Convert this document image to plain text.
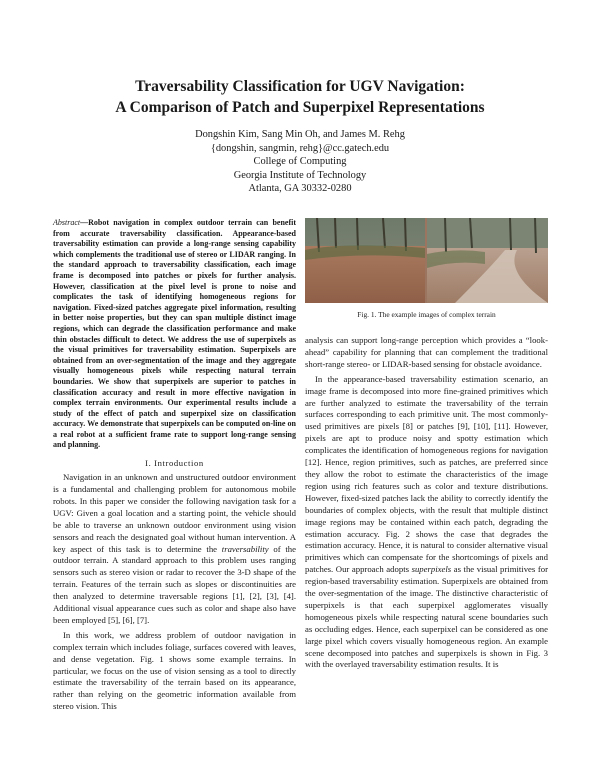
Traversability Classification for UGV Navigation:
A Comparison of Patch and Superpixel Representations
Dongshin Kim, Sang Min Oh, and James M. Rehg
{dongshin, sangmin, rehg}@cc.gatech.edu
College of Computing
Georgia Institute of Technology
Atlanta, GA 30332-0280
Abstract—Robot navigation in complex outdoor terrain can benefit from accurate traversability classification. Appearance-based traversability estimation can provide a long-range sensing capability which complements the traditional use of stereo or LIDAR ranging. In the standard approach to traversability classification, each image frame is decomposed into patches or pixels for further analysis. However, classification at the pixel level is prone to noise and complicates the task of identifying homogeneous regions for navigation. Fixed-sized patches aggregate pixel information, resulting in better noise properties, but they can span multiple distinct image regions, which can degrade the classification performance and make thin obstacles difficult to detect. We address the use of superpixels as the visual primitives for traversability estimation. Superpixels are obtained from an over-segmentation of the image and they aggregate visually homogeneous pixels while respecting natural terrain boundaries. We show that superpixels are superior to patches in classification accuracy and result in more effective navigation in complex terrain environments. Our experimental results include a study of the effect of patch and superpixel size on classification accuracy. We demonstrate that superpixels can be computed on-line on a real robot at a sufficient frame rate to support long-range sensing and planning.
I. Introduction

Navigation in an unknown and unstructured outdoor environment is a fundamental and challenging problem for autonomous mobile robots. In this paper we consider the following navigation task for a UGV: Given a goal location and a starting point, the vehicle should be able to traverse an unknown outdoor environment using vision sensors and reach the designated goal without human intervention. A key aspect of this task is to determine the traversability of the outdoor terrain. A standard approach to this problem uses ranging sensors such as stereo vision or radar to recover the 3-D shape of the terrain. Features of the terrain such as slopes or discontinuities are then analyzed to determine traversable regions [1], [2], [3], [4]. Additional visual appearance cues such as color and shape also have been employed [5], [6], [7].

In this work, we address problem of outdoor navigation in complex terrain which includes foliage, surfaces covered with leaves, and dense vegetation. Fig. 1 shows some example terrains. In particular, we focus on the use of vision sensing as a tool to directly estimate the traversability of the terrain based on its appearance, rather than relying on the geometric information available from stereo vision. This

Fig. 1. The example images of complex terrain

analysis can support long-range perception which provides a “look-ahead” capability for planning that can complement the traditional short-range stereo- or LIDAR-based sensing for obstacle avoidance.

In the appearance-based traversability estimation scenario, an image frame is decomposed into more fine-grained primitives which are further analyzed to estimate the traversability of the terrain surfaces corresponding to each primitive unit. The most commonly-used primitives are pixels [8] or patches [9], [10], [11]. However, pixels are apt to produce noisy and spotty estimation which complicates the identification of homogeneous regions for navigation [12]. Hence, region primitives, such as patches, are preferred since they allow the robot to estimate the characteristics of the image region using rich features such as color and texture distributions. However, fixed-sized patches lack the ability to correctly identify the boundaries of complex objects, with the result that multiple distinct image regions may be contained within each patch, degrading the estimation accuracy. Fig. 2 shows the case that degrades the estimation accuracy. Hence, it is natural to consider alternative visual primitives which can compensate for the shortcomings of pixels and patches. Our approach adopts superpixels as the visual primitives for region-based traversability estimation. Superpixels are obtained from the over-segmentation of the image. The distinctive characteristic of superpixels is that each superpixel agglomerates visually homogeneous pixels while respecting natural scene boundaries such as occluding edges. Hence, each superpixel can be considered as one large pixel which covers visually homogeneous region. An example scene decomposed into patches and superpixels is shown in Fig. 3 with the overlayed traversability estimation results. It is
